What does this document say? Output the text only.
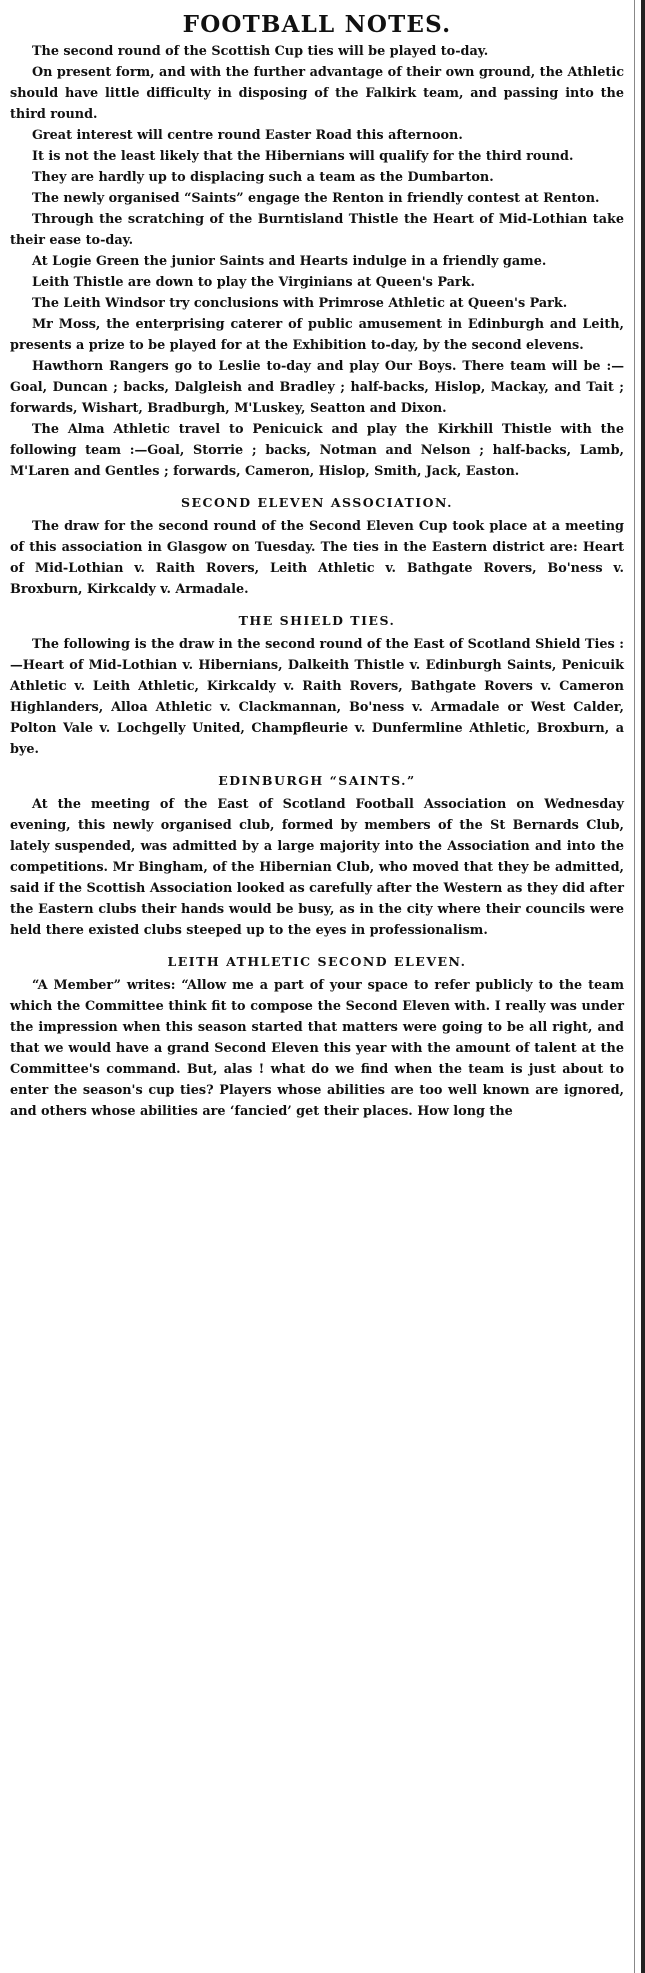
FOOTBALL NOTES.

The second round of the Scottish Cup ties will be played to-day.

On present form, and with the further advantage of their own ground, the Athletic should have little difficulty in disposing of the Falkirk team, and passing into the third round.

Great interest will centre round Easter Road this afternoon.

It is not the least likely that the Hibernians will qualify for the third round.

They are hardly up to displacing such a team as the Dumbarton.

The newly organised “Saints” engage the Renton in friendly contest at Renton.

Through the scratching of the Burntisland Thistle the Heart of Mid-Lothian take their ease to-day.

At Logie Green the junior Saints and Hearts indulge in a friendly game.

Leith Thistle are down to play the Virginians at Queen's Park.

The Leith Windsor try conclusions with Primrose Athletic at Queen's Park.

Mr Moss, the enterprising caterer of public amusement in Edinburgh and Leith, presents a prize to be played for at the Exhibition to-day, by the second elevens.

Hawthorn Rangers go to Leslie to-day and play Our Boys. There team will be :—Goal, Duncan ; backs, Dalgleish and Bradley ; half-backs, Hislop, Mackay, and Tait ; forwards, Wishart, Bradburgh, M'Luskey, Seatton and Dixon.

The Alma Athletic travel to Penicuick and play the Kirkhill Thistle with the following team :—Goal, Storrie ; backs, Notman and Nelson ; half-backs, Lamb, M'Laren and Gentles ; forwards, Cameron, Hislop, Smith, Jack, Easton.

SECOND ELEVEN ASSOCIATION.

The draw for the second round of the Second Eleven Cup took place at a meeting of this association in Glasgow on Tuesday. The ties in the Eastern district are: Heart of Mid-Lothian v. Raith Rovers, Leith Athletic v. Bathgate Rovers, Bo'ness v. Broxburn, Kirkcaldy v. Armadale.

THE SHIELD TIES.

The following is the draw in the second round of the East of Scotland Shield Ties :—Heart of Mid-Lothian v. Hibernians, Dalkeith Thistle v. Edinburgh Saints, Penicuik Athletic v. Leith Athletic, Kirkcaldy v. Raith Rovers, Bathgate Rovers v. Cameron Highlanders, Alloa Athletic v. Clackmannan, Bo'ness v. Armadale or West Calder, Polton Vale v. Lochgelly United, Champfleurie v. Dunfermline Athletic, Broxburn, a bye.

EDINBURGH “SAINTS.”

At the meeting of the East of Scotland Football Association on Wednesday evening, this newly organised club, formed by members of the St Bernards Club, lately suspended, was admitted by a large majority into the Association and into the competitions. Mr Bingham, of the Hibernian Club, who moved that they be admitted, said if the Scottish Association looked as carefully after the Western as they did after the Eastern clubs their hands would be busy, as in the city where their councils were held there existed clubs steeped up to the eyes in professionalism.

LEITH ATHLETIC SECOND ELEVEN.

“A Member” writes: “Allow me a part of your space to refer publicly to the team which the Committee think fit to compose the Second Eleven with. I really was under the impression when this season started that matters were going to be all right, and that we would have a grand Second Eleven this year with the amount of talent at the Committee's command. But, alas ! what do we find when the team is just about to enter the season's cup ties? Players whose abilities are too well known are ignored, and others whose abilities are ‘fancied’ get their places. How long the
